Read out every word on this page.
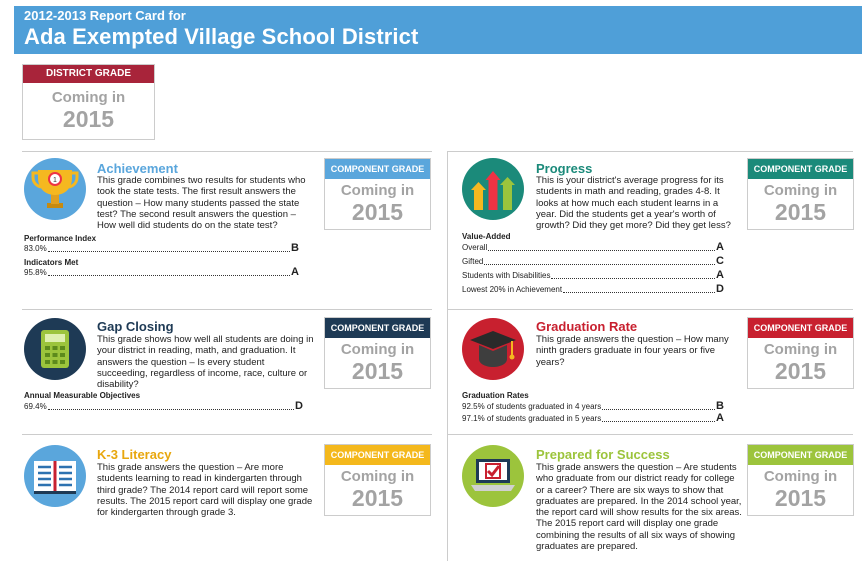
2012-2013 Report Card for
Ada Exempted Village School District
DISTRICT GRADE
Coming in
2015
1
Achievement
This grade combines two results for students who took the state tests. The first result answers the question – How many students passed the state test? The second result answers the question – How well did students do on the state test?
COMPONENT GRADE
Coming in
2015
Performance Index
83.0%	B
Indicators Met
95.8%	A
Progress
This is your district's average progress for its students in math and reading, grades 4-8. It looks at how much each student learns in a year. Did the students get a year's worth of growth? Did they get more? Did they get less?
COMPONENT GRADE
Coming in
2015
Value-Added
Overall	A
Gifted	C
Students with Disabilities	A
Lowest 20% in Achievement	D
Gap Closing
This grade shows how well all students are doing in your district in reading, math, and graduation. It answers the question – Is every student succeeding, regardless of income, race, culture or disability?
COMPONENT GRADE
Coming in
2015
Annual Measurable Objectives
69.4%	D
Graduation Rate
This grade answers the question – How many ninth graders graduate in four years or five years?
COMPONENT GRADE
Coming in
2015
Graduation Rates
92.5% of students graduated in 4 years	B
97.1% of students graduated in 5 years	A
K-3 Literacy
This grade answers the question – Are more students learning to read in kindergarten through third grade? The 2014 report card will report some results. The 2015 report card will display one grade for kindergarten through grade 3.
COMPONENT GRADE
Coming in
2015
Prepared for Success
This grade answers the question – Are students who graduate from our district ready for college or a career? There are six ways to show that graduates are prepared. In the 2014 school year, the report card will show results for the six areas. The 2015 report card will display one grade combining the results of all six ways of showing graduates are prepared.
COMPONENT GRADE
Coming in
2015
